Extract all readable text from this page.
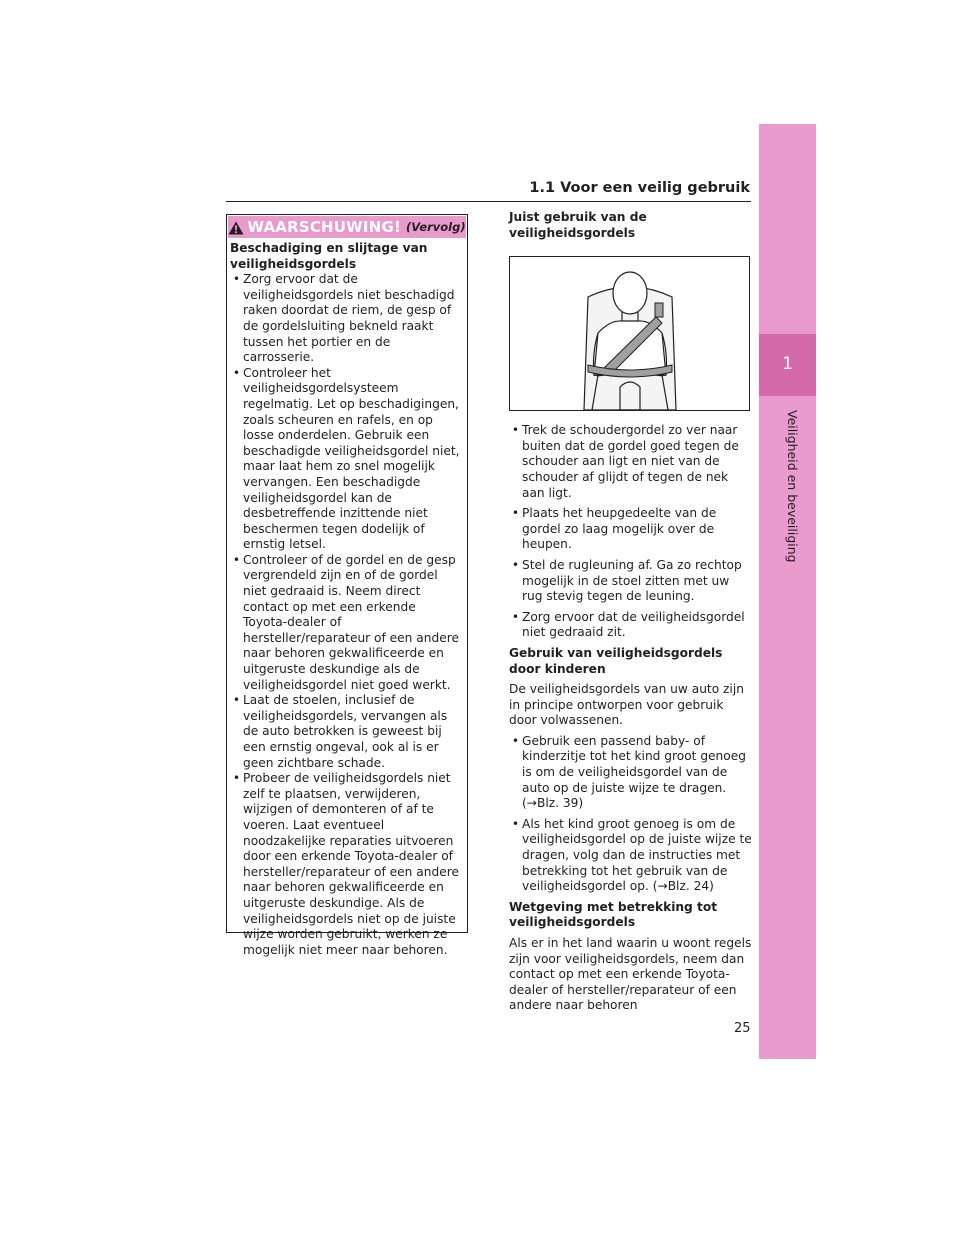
1
Veiligheid en beveiliging
1.1 Voor een veilig gebruik
WAARSCHUWING! (Vervolg)
Beschadiging en slijtage van veiligheidsgordels
• Zorg ervoor dat de veiligheidsgordels niet beschadigd raken doordat de riem, de gesp of de gordelsluiting bekneld raakt tussen het portier en de carrosserie.
• Controleer het veiligheidsgordelsysteem regelmatig. Let op beschadigingen, zoals scheuren en rafels, en op losse onderdelen. Gebruik een beschadigde veiligheidsgordel niet, maar laat hem zo snel mogelijk vervangen. Een beschadigde veiligheidsgordel kan de desbetreffende inzittende niet beschermen tegen dodelijk of ernstig letsel.
• Controleer of de gordel en de gesp vergrendeld zijn en of de gordel niet gedraaid is. Neem direct contact op met een erkende Toyota-dealer of hersteller/reparateur of een andere naar behoren gekwalificeerde en uitgeruste deskundige als de veiligheidsgordel niet goed werkt.
• Laat de stoelen, inclusief de veiligheidsgordels, vervangen als de auto betrokken is geweest bij een ernstig ongeval, ook al is er geen zichtbare schade.
• Probeer de veiligheidsgordels niet zelf te plaatsen, verwijderen, wijzigen of demonteren of af te voeren. Laat eventueel noodzakelijke reparaties uitvoeren door een erkende Toyota-dealer of hersteller/reparateur of een andere naar behoren gekwalificeerde en uitgeruste deskundige. Als de veiligheidsgordels niet op de juiste wijze worden gebruikt, werken ze mogelijk niet meer naar behoren.
Juist gebruik van de veiligheidsgordels
• Trek de schoudergordel zo ver naar buiten dat de gordel goed tegen de schouder aan ligt en niet van de schouder af glijdt of tegen de nek aan ligt.
• Plaats het heupgedeelte van de gordel zo laag mogelijk over de heupen.
• Stel de rugleuning af. Ga zo rechtop mogelijk in de stoel zitten met uw rug stevig tegen de leuning.
• Zorg ervoor dat de veiligheidsgordel niet gedraaid zit.

Gebruik van veiligheidsgordels door kinderen

De veiligheidsgordels van uw auto zijn in principe ontworpen voor gebruik door volwassenen.

• Gebruik een passend baby- of kinderzitje tot het kind groot genoeg is om de veiligheidsgordel van de auto op de juiste wijze te dragen. (→Blz. 39)
• Als het kind groot genoeg is om de veiligheidsgordel op de juiste wijze te dragen, volg dan de instructies met betrekking tot het gebruik van de veiligheidsgordel op. (→Blz. 24)

Wetgeving met betrekking tot veiligheidsgordels

Als er in het land waarin u woont regels zijn voor veiligheidsgordels, neem dan contact op met een erkende Toyota-dealer of hersteller/reparateur of een andere naar behoren

25
